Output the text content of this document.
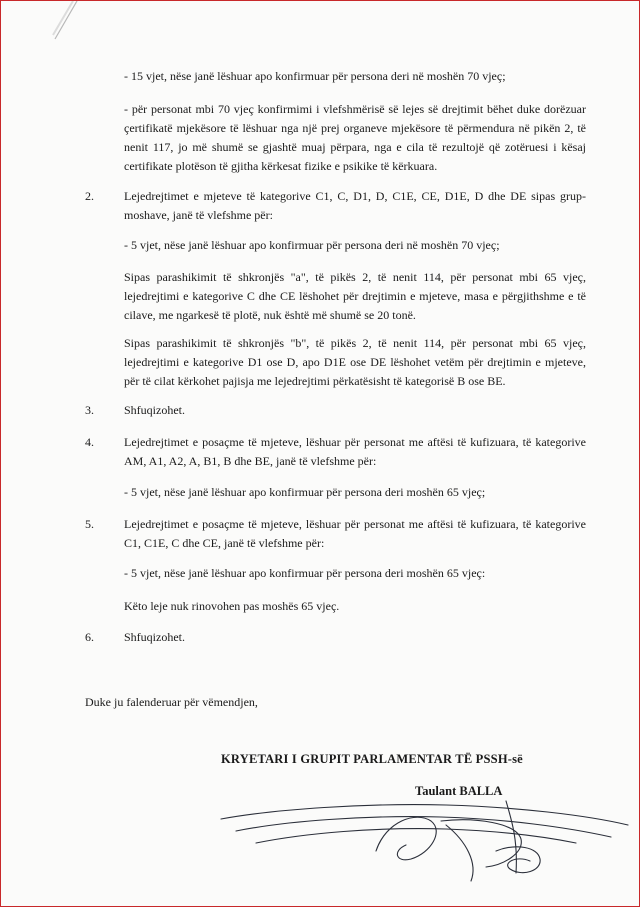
- 15 vjet, nëse janë lëshuar apo konfirmuar për persona deri në moshën 70 vjeç;

- për personat mbi 70 vjeç konfirmimi i vlefshmërisë së lejes së drejtimit bëhet duke dorëzuar çertifikatë mjekësore të lëshuar nga një prej organeve mjekësore të përmendura në pikën 2, të nenit 117, jo më shumë se gjashtë muaj përpara, nga e cila të rezultojë që zotëruesi i kësaj certifikate plotëson të gjitha kërkesat fizike e psikike të kërkuara.

2.	Lejedrejtimet e mjeteve të kategorive C1, C, D1, D, C1E, CE, D1E, D dhe DE sipas grup-moshave, janë të vlefshme për:

- 5 vjet, nëse janë lëshuar apo konfirmuar për persona deri në moshën 70 vjeç;

Sipas parashikimit të shkronjës "a", të pikës 2, të nenit 114, për personat mbi 65 vjeç, lejedrejtimi e kategorive C dhe CE lëshohet për drejtimin e mjeteve, masa e përgjithshme e të cilave, me ngarkesë të plotë, nuk është më shumë se 20 tonë.

Sipas parashikimit të shkronjës "b", të pikës 2, të nenit 114, për personat mbi 65 vjeç, lejedrejtimi e kategorive D1 ose D, apo D1E ose DE lëshohet vetëm për drejtimin e mjeteve, për të cilat kërkohet pajisja me lejedrejtimi përkatësisht të kategorisë B ose BE.

3.	Shfuqizohet.

4.	Lejedrejtimet e posaçme të mjeteve, lëshuar për personat me aftësi të kufizuara, të kategorive AM, A1, A2, A, B1, B dhe BE, janë të vlefshme për:

- 5 vjet, nëse janë lëshuar apo konfirmuar për persona deri moshën 65 vjeç;

5.	Lejedrejtimet e posaçme të mjeteve, lëshuar për personat me aftësi të kufizuara, të kategorive C1, C1E, C dhe CE, janë të vlefshme për:

- 5 vjet, nëse janë lëshuar apo konfirmuar për persona deri moshën 65 vjeç:

Këto leje nuk rinovohen pas moshës 65 vjeç.

6.	Shfuqizohet.

Duke ju falenderuar për vëmendjen,

KRYETARI I GRUPIT PARLAMENTAR TË PSSH-së

Taulant BALLA
